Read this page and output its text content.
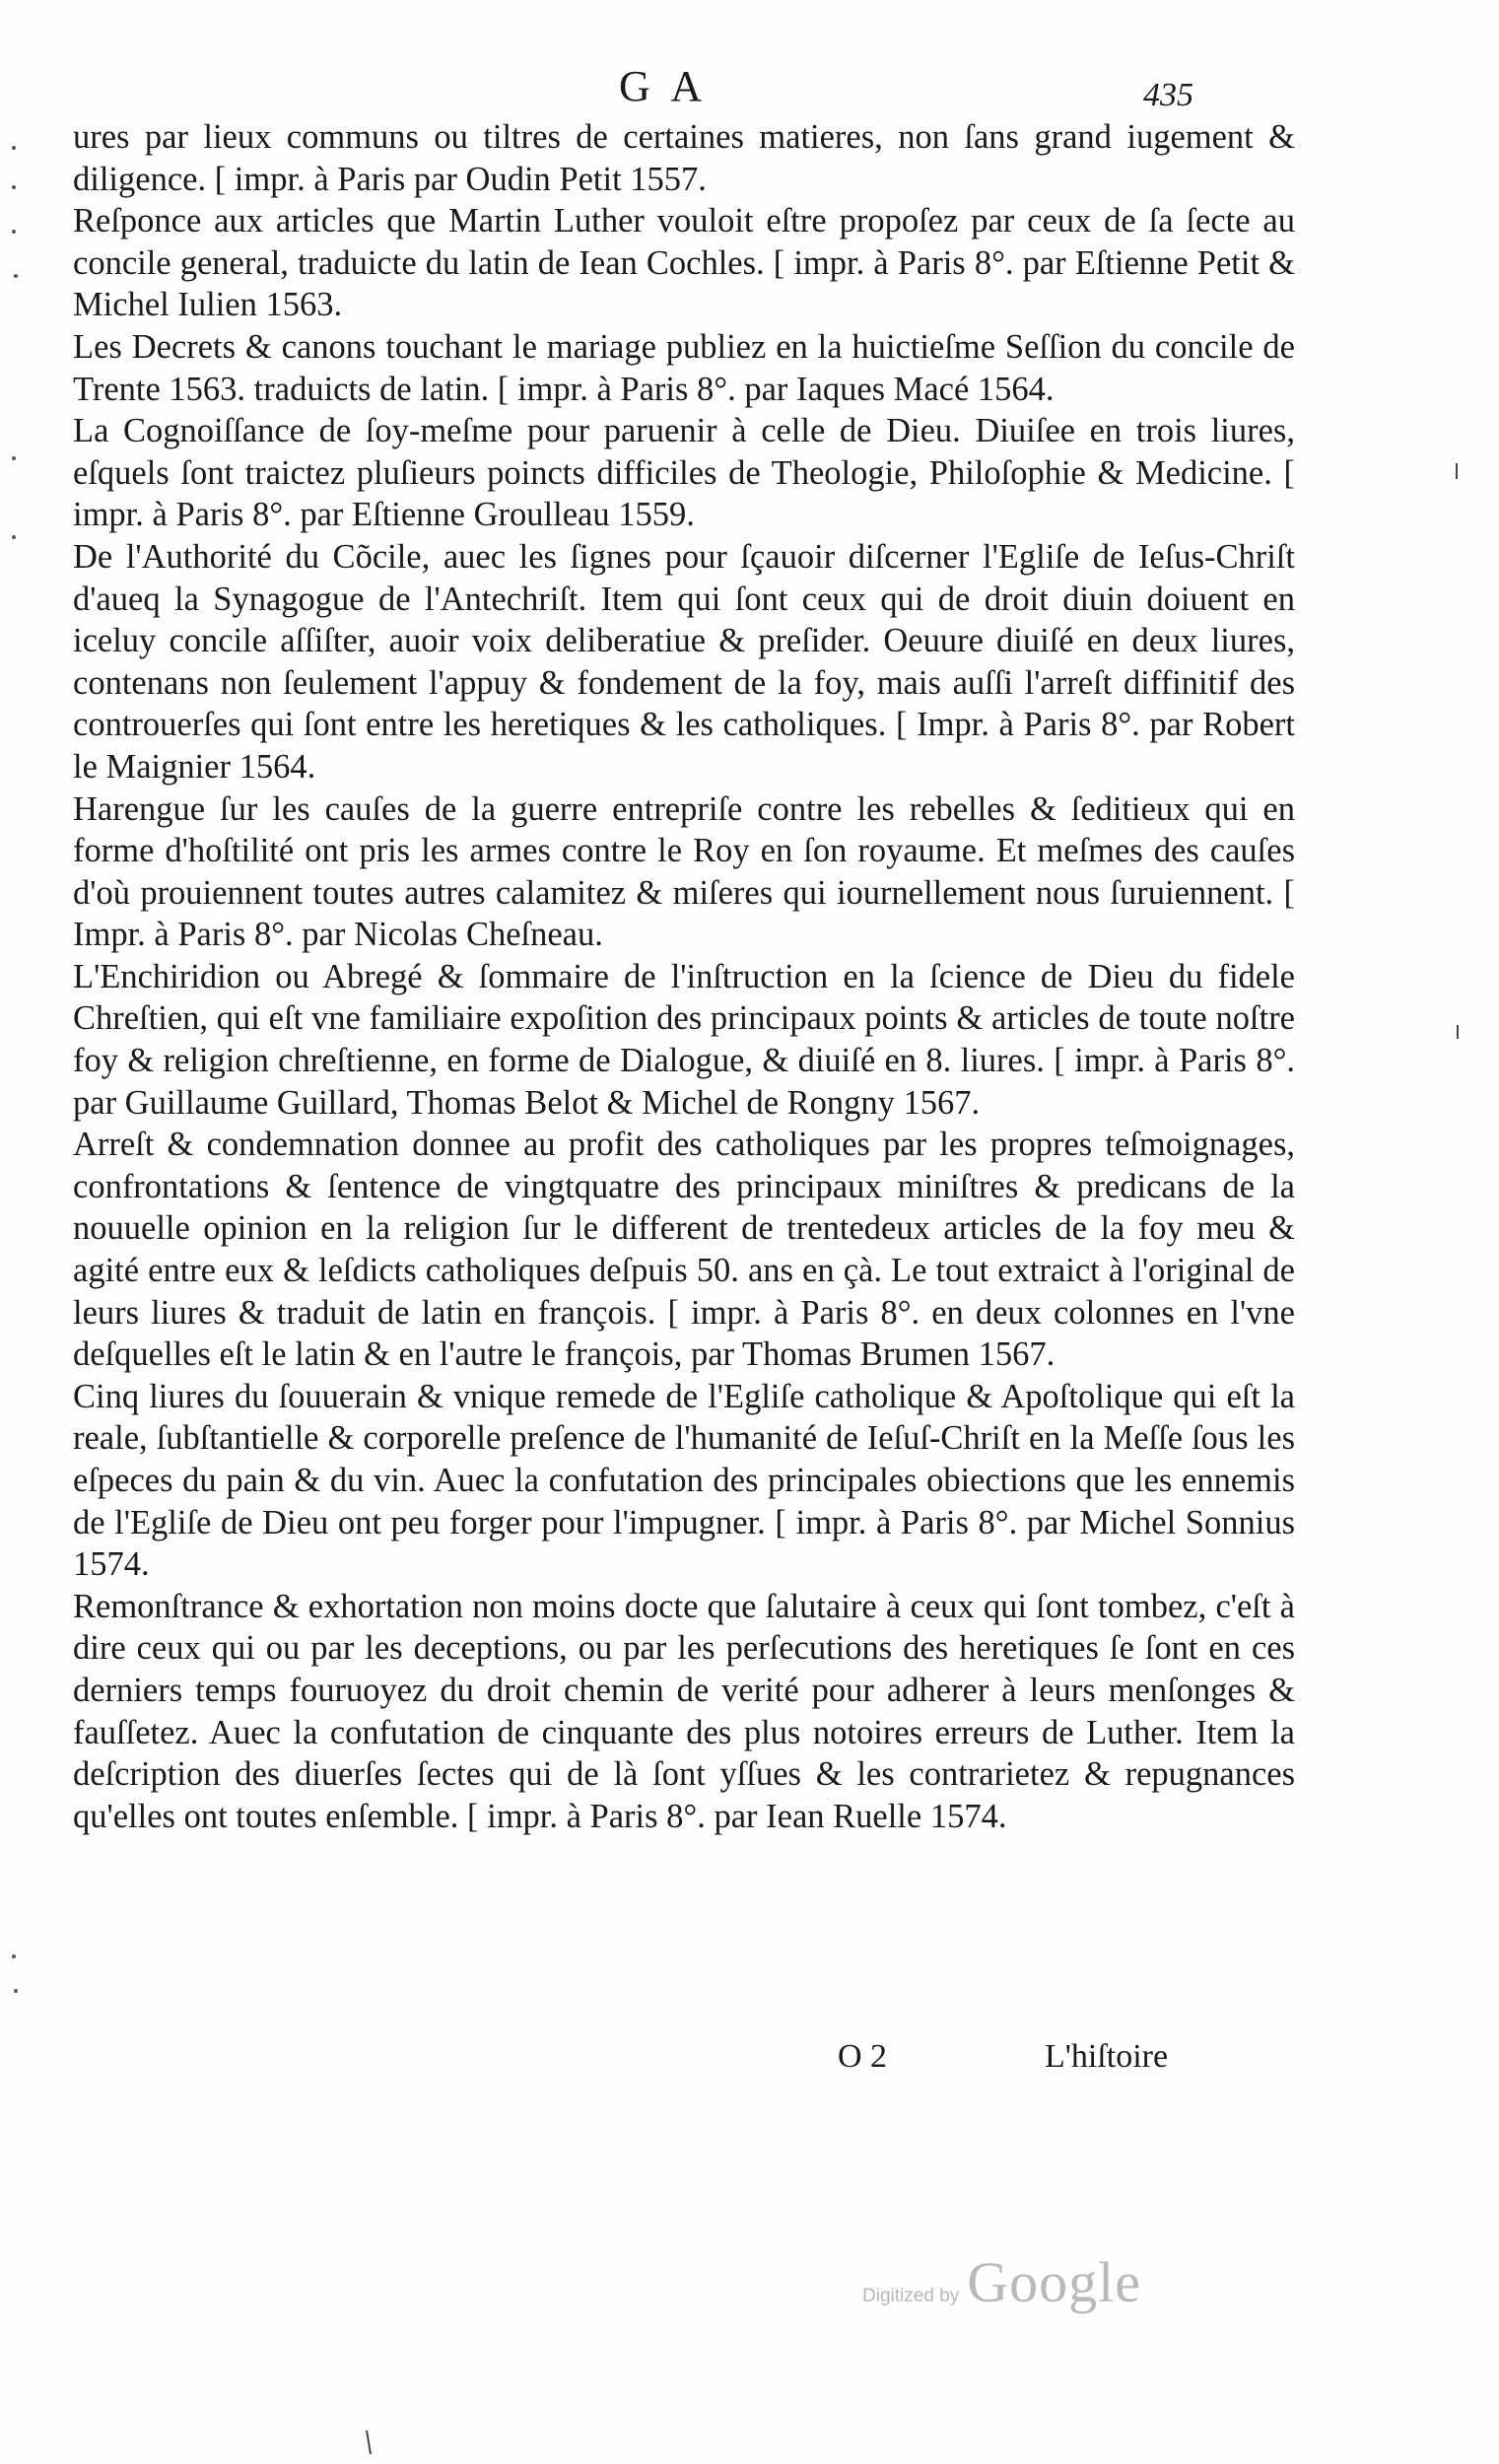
G A	435

ures par lieux communs ou tiltres de certaines matieres, non ſans grand iugement & diligence. [ impr. à Paris par Oudin Petit 1557.

Reſponce aux articles que Martin Luther vouloit eſtre propoſez par ceux de ſa ſecte au concile general, traduicte du latin de Iean Cochles. [ impr. à Paris 8°. par Eſtienne Petit & Michel Iulien 1563.

Les Decrets & canons touchant le mariage publiez en la huictieſme Seſſion du concile de Trente 1563. traduicts de latin. [ impr. à Paris 8°. par Iaques Macé 1564.

La Cognoiſſance de ſoy-meſme pour paruenir à celle de Dieu. Diuiſee en trois liures, eſquels ſont traictez pluſieurs poincts difficiles de Theologie, Philoſophie & Medicine. [ impr. à Paris 8°. par Eſtienne Groulleau 1559.

De l'Authorité du Cõcile, auec les ſignes pour ſçauoir diſcerner l'Egliſe de Ieſus-Chriſt d'aueq la Synagogue de l'Antechriſt. Item qui ſont ceux qui de droit diuin doiuent en iceluy concile aſſiſter, auoir voix deliberatiue & preſider. Oeuure diuiſé en deux liures, contenans non ſeulement l'appuy & fondement de la foy, mais auſſi l'arreſt diffinitif des controuerſes qui ſont entre les heretiques & les catholiques. [ Impr. à Paris 8°. par Robert le Maignier 1564.

Harengue ſur les cauſes de la guerre entrepriſe contre les rebelles & ſeditieux qui en forme d'hoſtilité ont pris les armes contre le Roy en ſon royaume. Et meſmes des cauſes d'où prouiennent toutes autres calamitez & miſeres qui iournellement nous ſuruiennent. [ Impr. à Paris 8°. par Nicolas Cheſneau.

L'Enchiridion ou Abregé & ſommaire de l'inſtruction en la ſcience de Dieu du fidele Chreſtien, qui eſt vne familiaire expoſition des principaux points & articles de toute noſtre foy & religion chreſtienne, en forme de Dialogue, & diuiſé en 8. liures. [ impr. à Paris 8°. par Guillaume Guillard, Thomas Belot & Michel de Rongny 1567.

Arreſt & condemnation donnee au profit des catholiques par les propres teſmoignages, confrontations & ſentence de vingtquatre des principaux miniſtres & predicans de la nouuelle opinion en la religion ſur le different de trentedeux articles de la foy meu & agité entre eux & leſdicts catholiques deſpuis 50. ans en çà. Le tout extraict à l'original de leurs liures & traduit de latin en françois. [ impr. à Paris 8°. en deux colonnes en l'vne deſquelles eſt le latin & en l'autre le françois, par Thomas Brumen 1567.

Cinq liures du ſouuerain & vnique remede de l'Egliſe catholique & Apoſtolique qui eſt la reale, ſubſtantielle & corporelle preſence de l'humanité de Ieſuſ-Chriſt en la Meſſe ſous les eſpeces du pain & du vin. Auec la confutation des principales obiections que les ennemis de l'Egliſe de Dieu ont peu forger pour l'impugner. [ impr. à Paris 8°. par Michel Sonnius 1574.

Remonſtrance & exhortation non moins docte que ſalutaire à ceux qui ſont tombez, c'eſt à dire ceux qui ou par les deceptions, ou par les perſecutions des heretiques ſe ſont en ces derniers temps fouruoyez du droit chemin de verité pour adherer à leurs menſonges & fauſſetez. Auec la confutation de cinquante des plus notoires erreurs de Luther. Item la deſcription des diuerſes ſectes qui de là ſont yſſues & les contrarietez & repugnances qu'elles ont toutes enſemble. [ impr. à Paris 8°. par Iean Ruelle 1574.

O 2	L'hiſtoire
Digitized by Google
